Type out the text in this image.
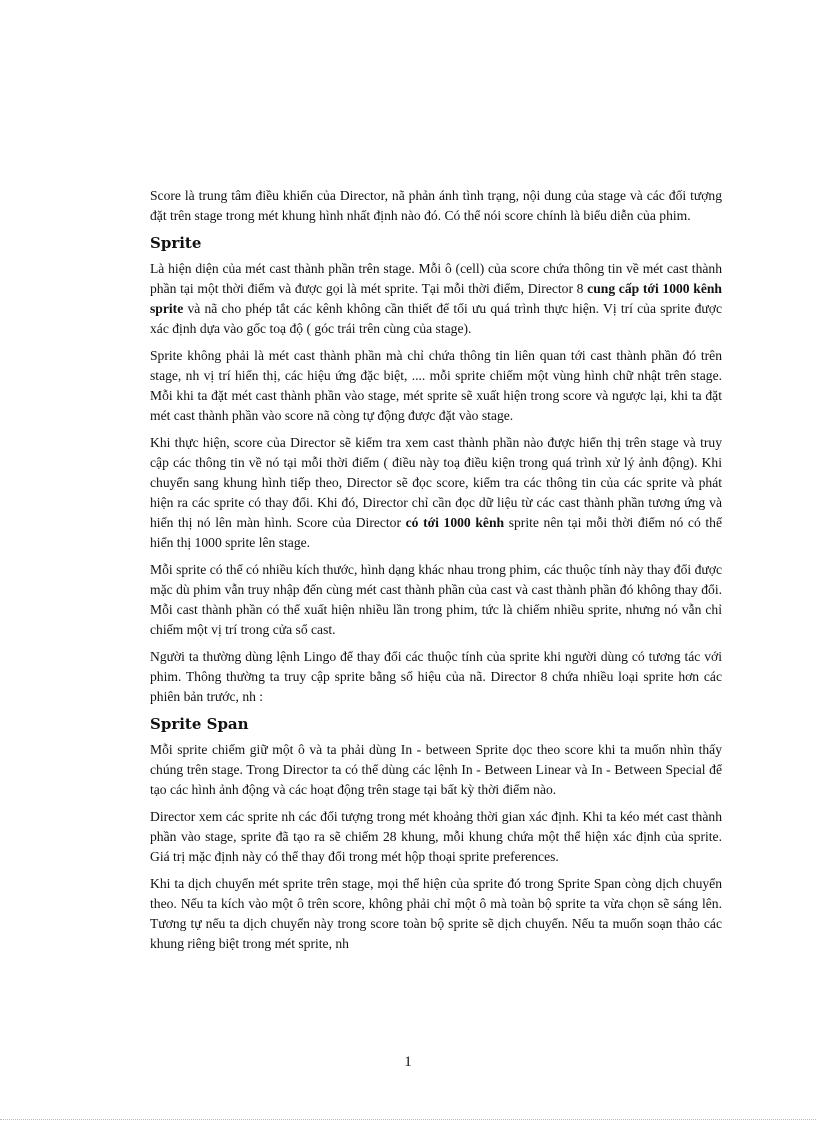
Score là trung tâm điều khiển của Director, nã phản ánh tình trạng, nội dung của stage và các đối tượng đặt trên stage trong mét khung hình nhất định nào đó. Có thể nói score chính là biểu diễn của phim.

Sprite

Là hiện diện của mét cast thành phần trên stage. Mỗi ô (cell) của score chứa thông tin về mét cast thành phần tại một thời điểm và được gọi là mét sprite. Tại mỗi thời điểm, Director 8 cung cấp tới 1000 kênh sprite và nã cho phép tắt các kênh không cần thiết để tối ưu quá trình thực hiện. Vị trí của sprite được xác định dựa vào gốc toạ độ ( góc trái trên cùng của stage).

Sprite không phải là mét cast thành phần mà chỉ chứa thông tin liên quan tới cast thành phần đó trên stage, nh vị trí hiển thị, các hiệu ứng đặc biệt, .... mỗi sprite chiếm một vùng hình chữ nhật trên stage. Mỗi khi ta đặt mét cast thành phần vào stage, mét sprite sẽ xuất hiện trong score và ngược lại, khi ta đặt mét cast thành phần vào score nã còng tự động được đặt vào stage.

Khi thực hiện, score của Director sẽ kiểm tra xem cast thành phần nào được hiển thị trên stage và truy cập các thông tin về nó tại mỗi thời điểm ( điều này toạ điều kiện trong quá trình xử lý ảnh động). Khi chuyển sang khung hình tiếp theo, Director sẽ đọc score, kiểm tra các thông tin của các sprite và phát hiện ra các sprite có thay đổi. Khi đó, Director chỉ cần đọc dữ liệu từ các cast thành phần tương ứng và hiển thị nó lên màn hình. Score của Director có tới 1000 kênh sprite nên tại mỗi thời điểm nó có thể hiển thị 1000 sprite lên stage.

Mỗi sprite có thể có nhiều kích thước, hình dạng khác nhau trong phim, các thuộc tính này thay đổi được mặc dù phim vẫn truy nhập đến cùng mét cast thành phần của cast và cast thành phần đó không thay đổi. Mỗi cast thành phần có thể xuất hiện nhiều lần trong phim, tức là chiếm nhiều sprite, nhưng nó vẫn chỉ chiếm một vị trí trong cửa sổ cast.

Người ta thường dùng lệnh Lingo để thay đổi các thuộc tính của sprite khi người dùng có tương tác với phim. Thông thường ta truy cập sprite bằng số hiệu của nã. Director 8 chứa nhiều loại sprite hơn các phiên bản trước, nh :

Sprite Span

Mỗi sprite chiếm giữ một ô và ta phải dùng In - between Sprite dọc theo score khi ta muốn nhìn thấy chúng trên stage. Trong Director ta có thể dùng các lệnh In - Between Linear và In - Between Special để tạo các hình ảnh động và các hoạt động trên stage tại bất kỳ thời điểm nào.

Director xem các sprite nh các đối tượng trong mét khoảng thời gian xác định. Khi ta kéo mét cast thành phần vào stage, sprite đã tạo ra sẽ chiếm 28 khung, mỗi khung chứa một thể hiện xác định của sprite. Giá trị mặc định này có thể thay đổi trong mét hộp thoại sprite preferences.

Khi ta dịch chuyển mét sprite trên stage, mọi thể hiện của sprite đó trong Sprite Span còng dịch chuyển theo. Nếu ta kích vào một ô trên score, không phải chỉ một ô mà toàn bộ sprite ta vừa chọn sẽ sáng lên. Tương tự nếu ta dịch chuyển này trong score toàn bộ sprite sẽ dịch chuyển. Nếu ta muốn soạn thảo các khung riêng biệt trong mét sprite, nh

1
